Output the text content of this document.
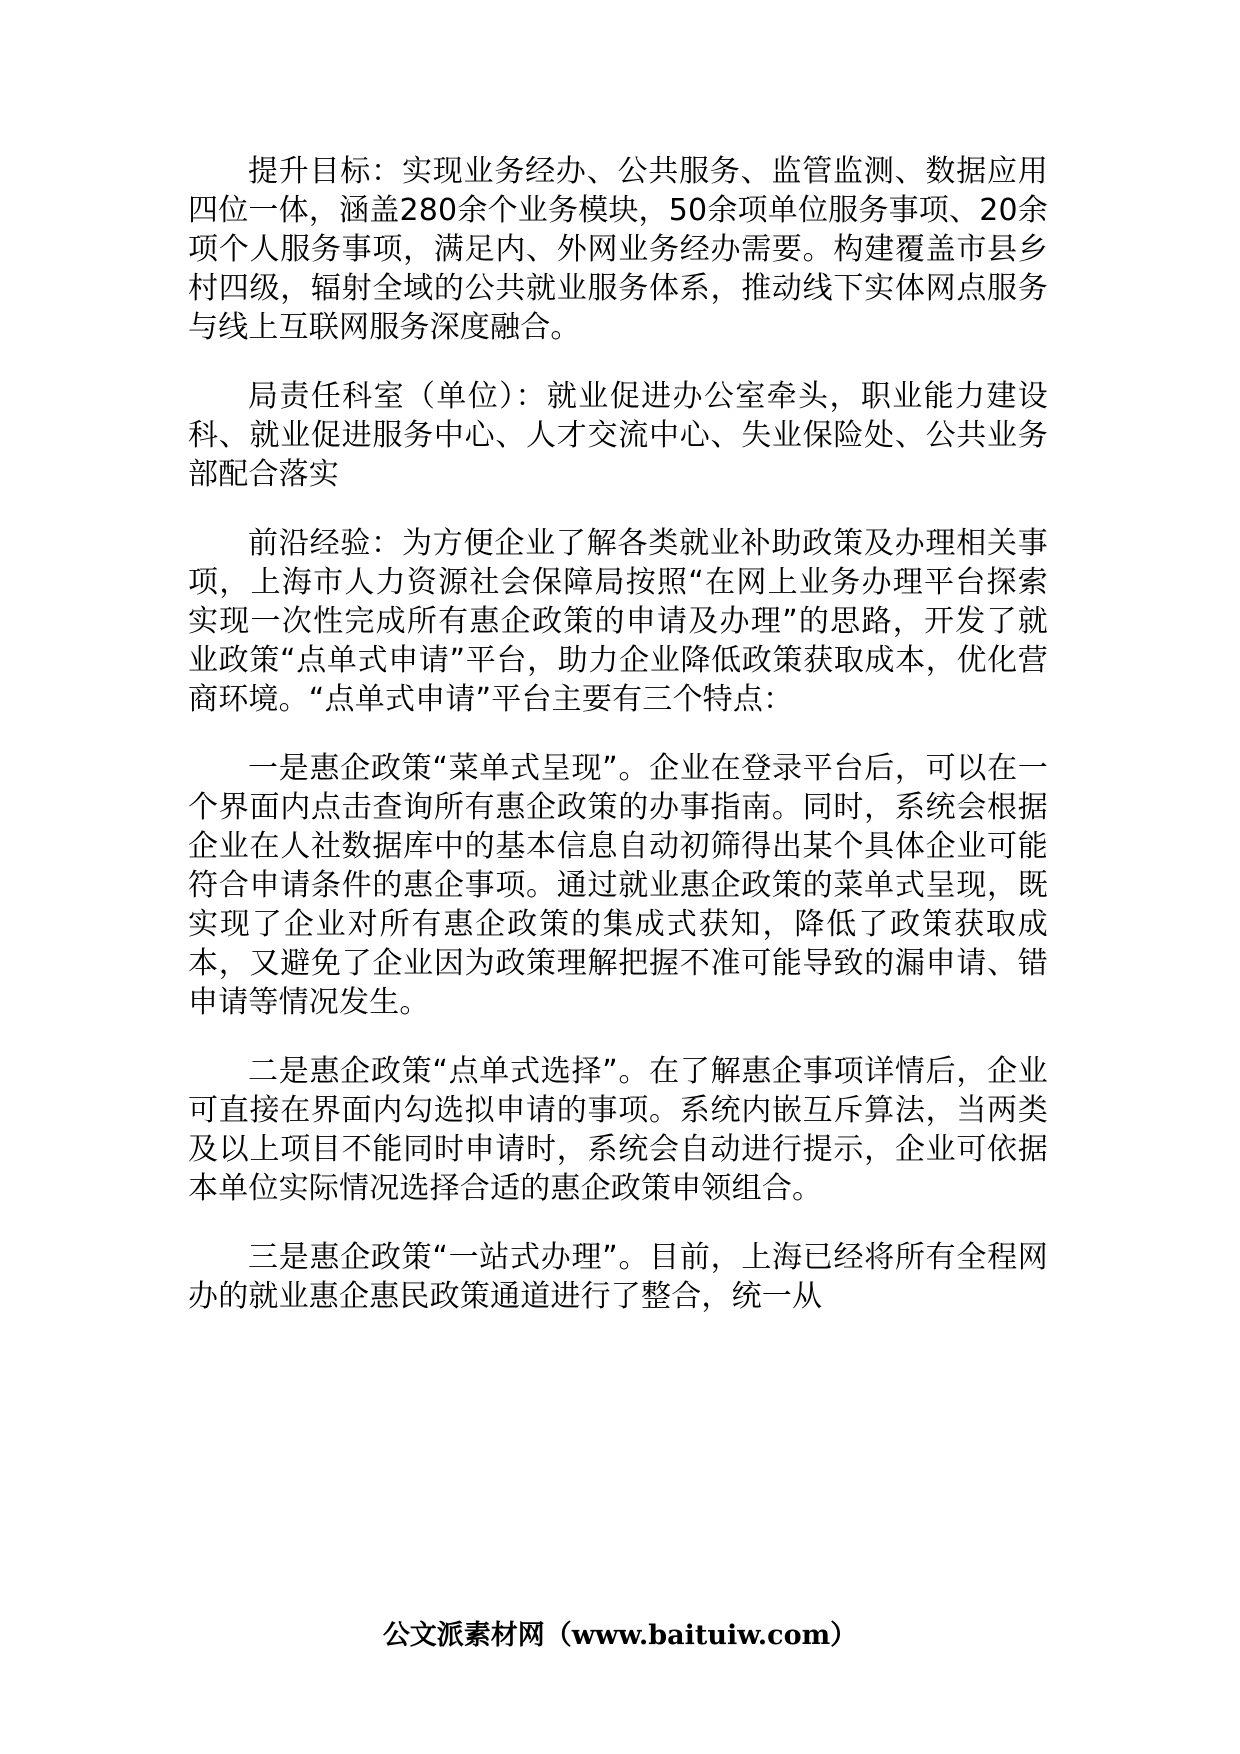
提升目标：实现业务经办、公共服务、监管监测、数据应用四位一体，涵盖280余个业务模块，50余项单位服务事项、20余项个人服务事项，满足内、外网业务经办需要。构建覆盖市县乡村四级，辐射全域的公共就业服务体系，推动线下实体网点服务与线上互联网服务深度融合。

局责任科室（单位）：就业促进办公室牵头，职业能力建设科、就业促进服务中心、人才交流中心、失业保险处、公共业务部配合落实

前沿经验：为方便企业了解各类就业补助政策及办理相关事项，上海市人力资源社会保障局按照“在网上业务办理平台探索实现一次性完成所有惠企政策的申请及办理”的思路，开发了就业政策“点单式申请”平台，助力企业降低政策获取成本，优化营商环境。“点单式申请”平台主要有三个特点：

一是惠企政策“菜单式呈现”。企业在登录平台后，可以在一个界面内点击查询所有惠企政策的办事指南。同时，系统会根据企业在人社数据库中的基本信息自动初筛得出某个具体企业可能符合申请条件的惠企事项。通过就业惠企政策的菜单式呈现，既实现了企业对所有惠企政策的集成式获知，降低了政策获取成本，又避免了企业因为政策理解把握不准可能导致的漏申请、错申请等情况发生。

二是惠企政策“点单式选择”。在了解惠企事项详情后，企业可直接在界面内勾选拟申请的事项。系统内嵌互斥算法，当两类及以上项目不能同时申请时，系统会自动进行提示，企业可依据本单位实际情况选择合适的惠企政策申领组合。

三是惠企政策“一站式办理”。目前，上海已经将所有全程网办的就业惠企惠民政策通道进行了整合，统一从

公文派素材网（www.baituiw.com）
